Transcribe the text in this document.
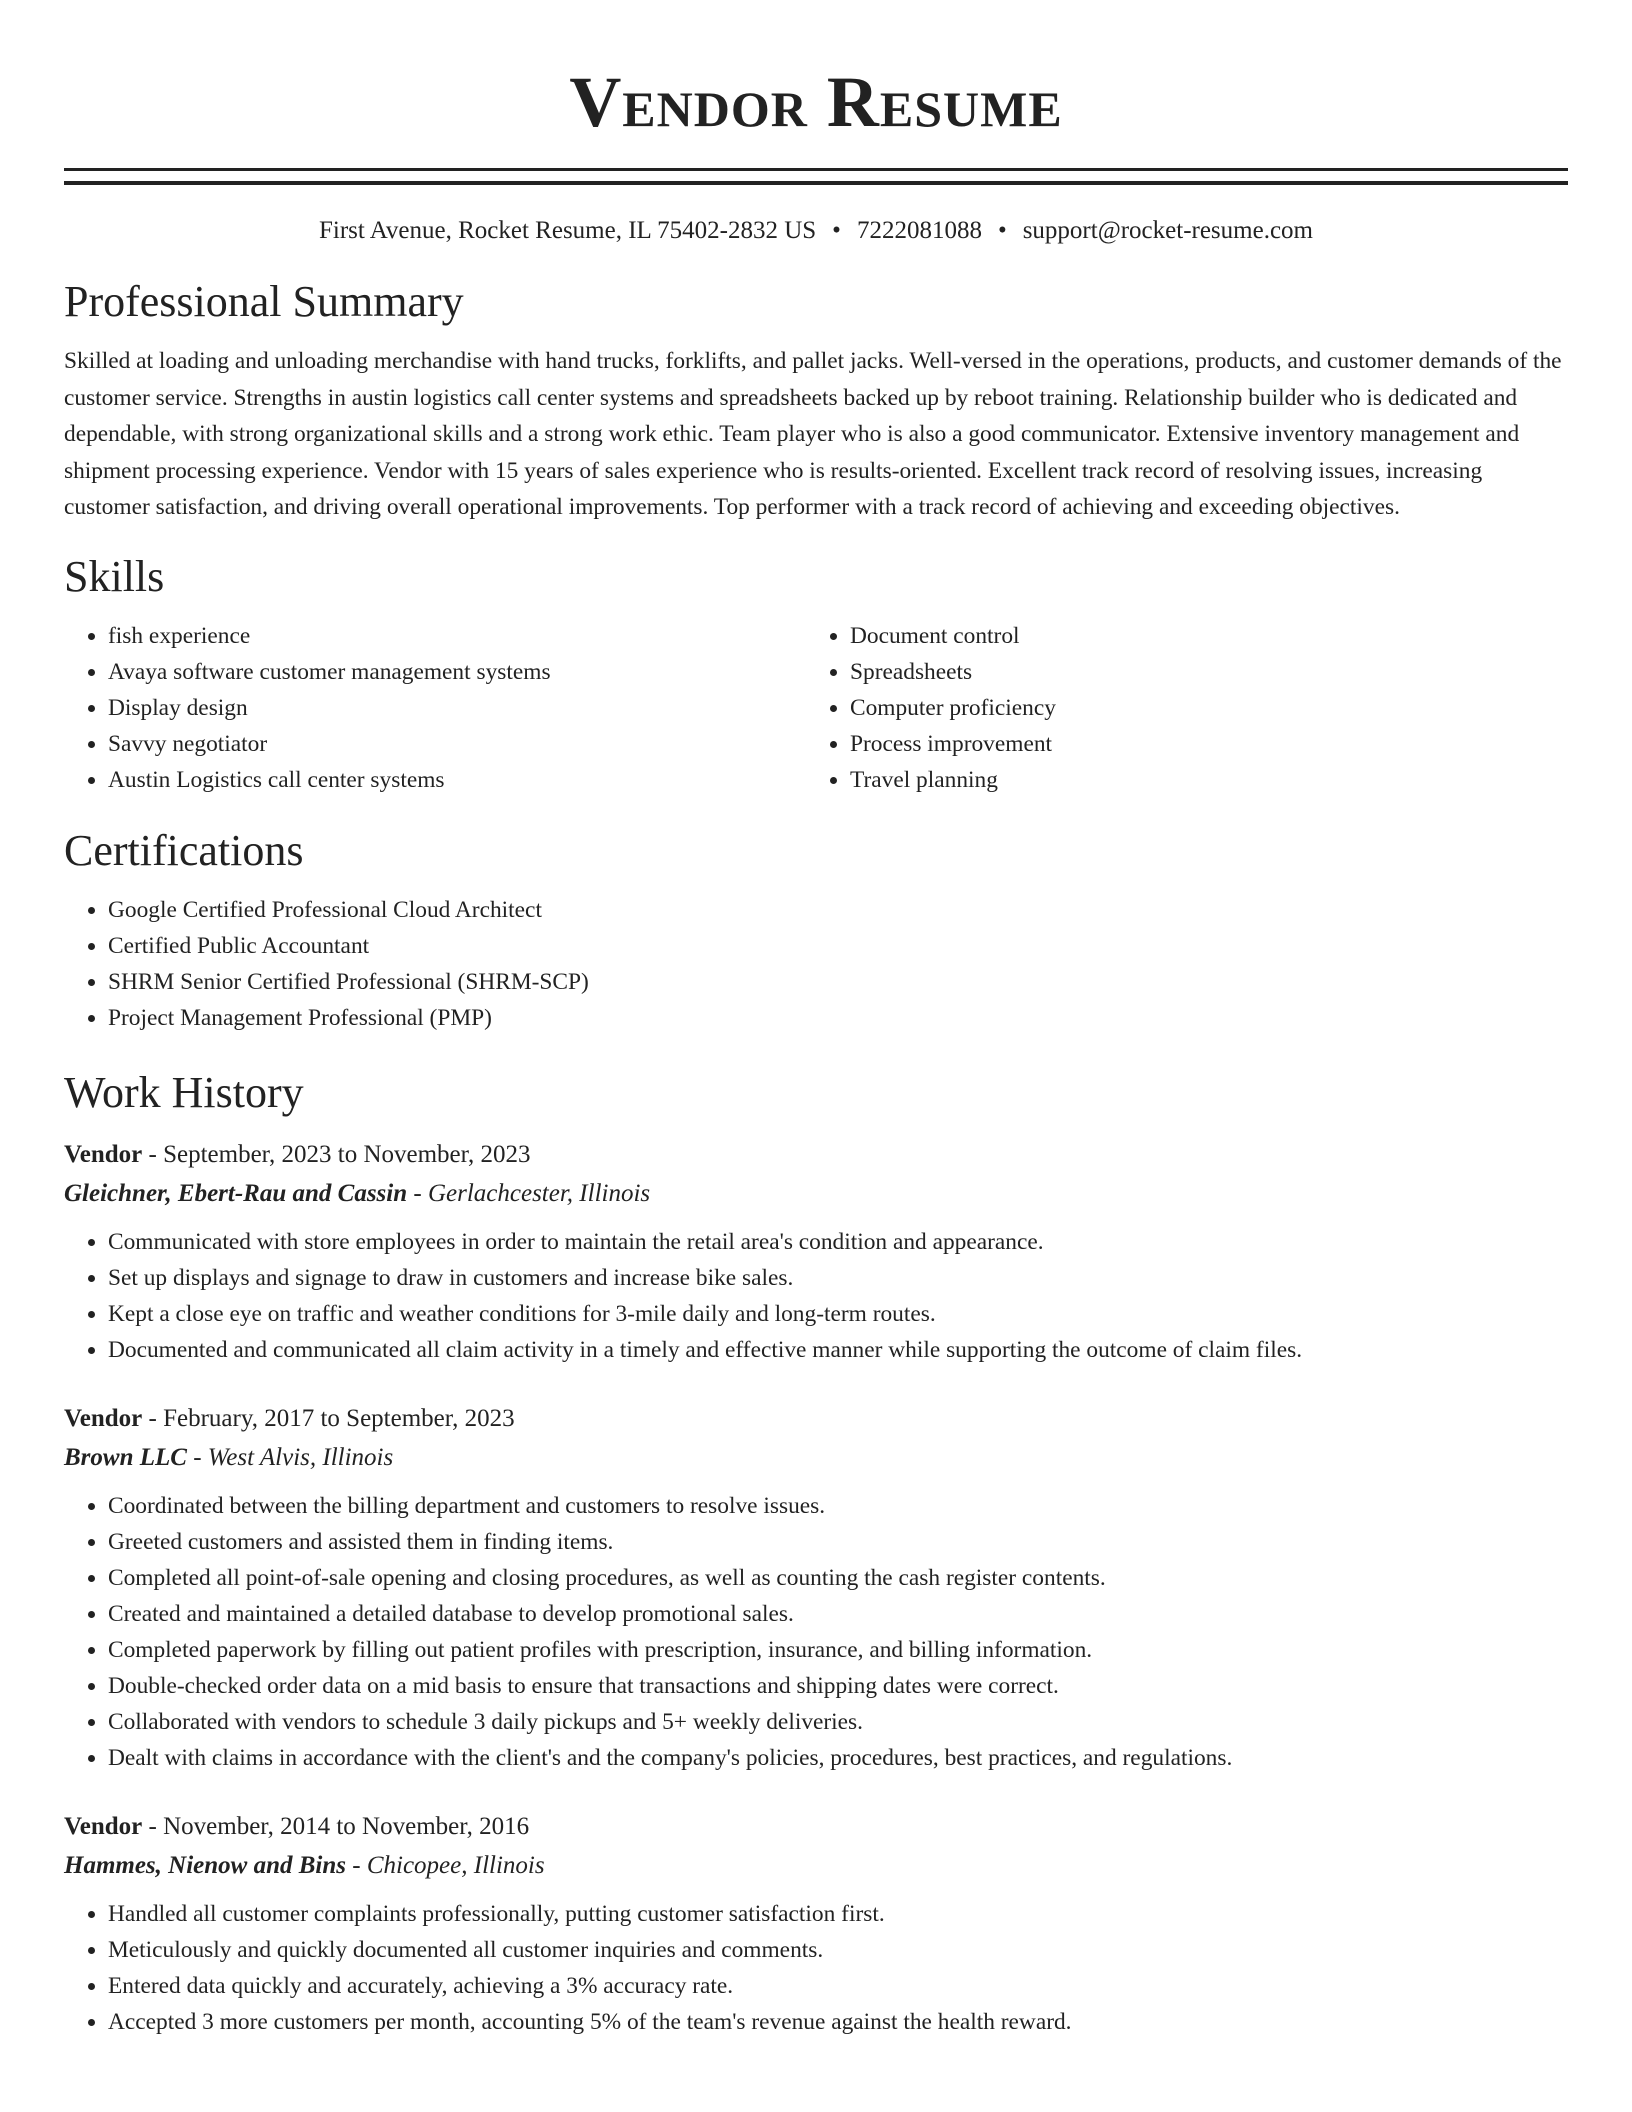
Vendor Resume
First Avenue, Rocket Resume, IL 75402-2832 US • 7222081088 • support@rocket-resume.com
Professional Summary

Skilled at loading and unloading merchandise with hand trucks, forklifts, and pallet jacks. Well-versed in the operations, products, and customer demands of the customer service. Strengths in austin logistics call center systems and spreadsheets backed up by reboot training. Relationship builder who is dedicated and dependable, with strong organizational skills and a strong work ethic. Team player who is also a good communicator. Extensive inventory management and shipment processing experience. Vendor with 15 years of sales experience who is results-oriented. Excellent track record of resolving issues, increasing customer satisfaction, and driving overall operational improvements. Top performer with a track record of achieving and exceeding objectives.

Skills
• fish experience
• Avaya software customer management systems
• Display design
• Savvy negotiator
• Austin Logistics call center systems
• Document control
• Spreadsheets
• Computer proficiency
• Process improvement
• Travel planning
Certifications
• Google Certified Professional Cloud Architect
• Certified Public Accountant
• SHRM Senior Certified Professional (SHRM-SCP)
• Project Management Professional (PMP)
Work History
Vendor - September, 2023 to November, 2023
Gleichner, Ebert-Rau and Cassin - Gerlachcester, Illinois
• Communicated with store employees in order to maintain the retail area's condition and appearance.
• Set up displays and signage to draw in customers and increase bike sales.
• Kept a close eye on traffic and weather conditions for 3-mile daily and long-term routes.
• Documented and communicated all claim activity in a timely and effective manner while supporting the outcome of claim files.
Vendor - February, 2017 to September, 2023
Brown LLC - West Alvis, Illinois
• Coordinated between the billing department and customers to resolve issues.
• Greeted customers and assisted them in finding items.
• Completed all point-of-sale opening and closing procedures, as well as counting the cash register contents.
• Created and maintained a detailed database to develop promotional sales.
• Completed paperwork by filling out patient profiles with prescription, insurance, and billing information.
• Double-checked order data on a mid basis to ensure that transactions and shipping dates were correct.
• Collaborated with vendors to schedule 3 daily pickups and 5+ weekly deliveries.
• Dealt with claims in accordance with the client's and the company's policies, procedures, best practices, and regulations.
Vendor - November, 2014 to November, 2016
Hammes, Nienow and Bins - Chicopee, Illinois
• Handled all customer complaints professionally, putting customer satisfaction first.
• Meticulously and quickly documented all customer inquiries and comments.
• Entered data quickly and accurately, achieving a 3% accuracy rate.
• Accepted 3 more customers per month, accounting 5% of the team's revenue against the health reward.
